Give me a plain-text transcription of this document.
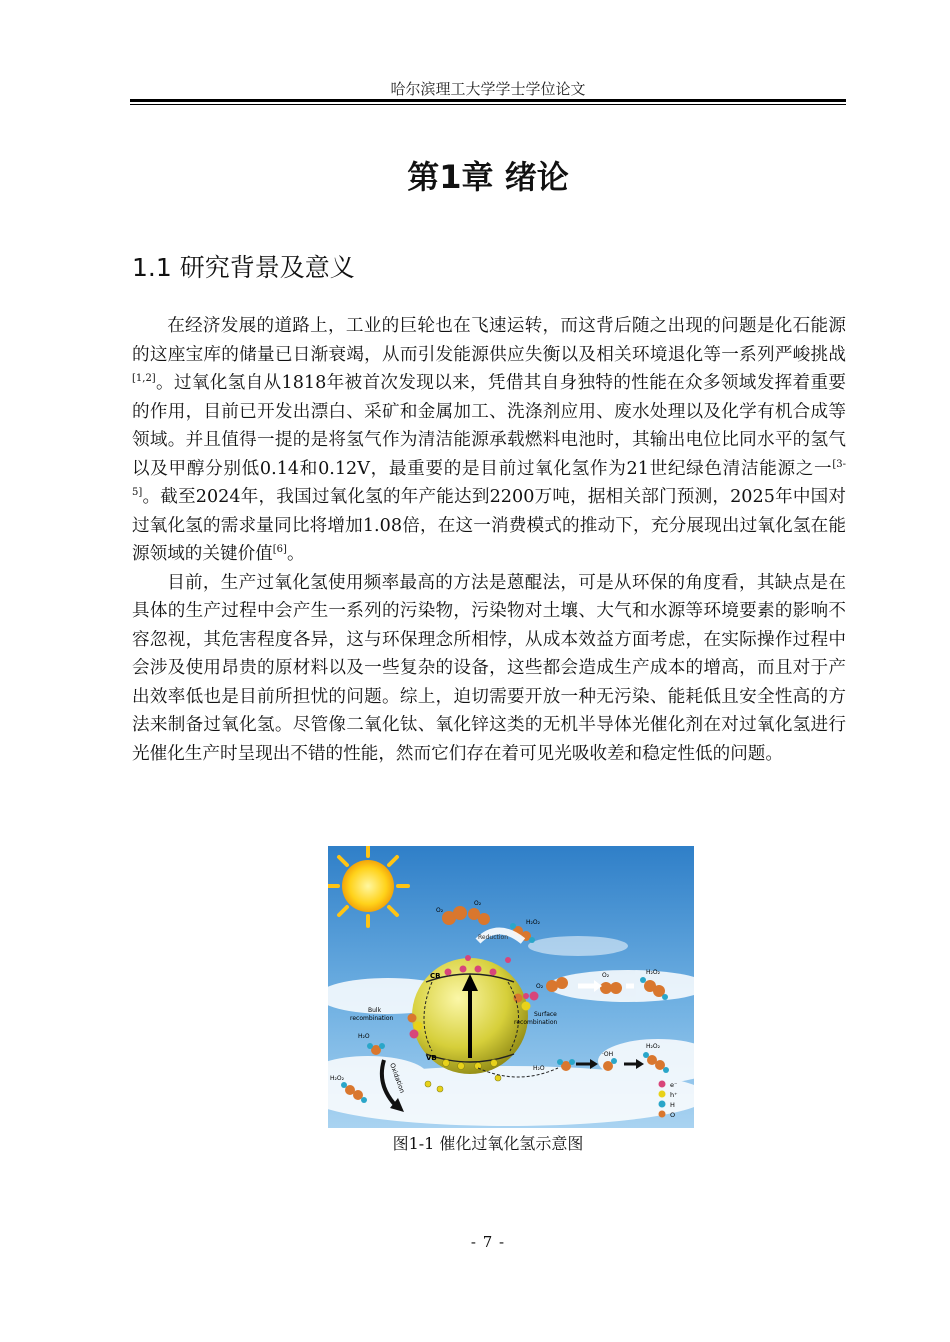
哈尔滨理工大学学士学位论文
第1章 绪论
1.1 研究背景及意义

在经济发展的道路上，工业的巨轮也在飞速运转，而这背后随之出现的问题是化石能源的这座宝库的储量已日渐衰竭，从而引发能源供应失衡以及相关环境退化等一系列严峻挑战[1,2]。过氧化氢自从1818年被首次发现以来，凭借其自身独特的性能在众多领域发挥着重要的作用，目前已开发出漂白、采矿和金属加工、洗涤剂应用、废水处理以及化学有机合成等领域。并且值得一提的是将氢气作为清洁能源承载燃料电池时，其输出电位比同水平的氢气以及甲醇分别低0.14和0.12V，最重要的是目前过氧化氢作为21世纪绿色清洁能源之一[3-5]。截至2024年，我国过氧化氢的年产能达到2200万吨，据相关部门预测，2025年中国对过氧化氢的需求量同比将增加1.08倍，在这一消费模式的推动下，充分展现出过氧化氢在能源领域的关键价值[6]。

目前，生产过氧化氢使用频率最高的方法是蒽醌法，可是从环保的角度看，其缺点是在具体的生产过程中会产生一系列的污染物，污染物对土壤、大气和水源等环境要素的影响不容忽视，其危害程度各异，这与环保理念所相悖，从成本效益方面考虑，在实际操作过程中会涉及使用昂贵的原材料以及一些复杂的设备，这些都会造成生产成本的增高，而且对于产出效率低也是目前所担忧的问题。综上，迫切需要开放一种无污染、能耗低且安全性高的方法来制备过氧化氢。尽管像二氧化钛、氧化锌这类的无机半导体光催化剂在对过氧化氢进行光催化生产时呈现出不错的性能，然而它们存在着可见光吸收差和稳定性低的问题。

O₂
O₂
H₂O₂
Reduction
O₂
O₂	H₂O₂
CB
VB
Bulk
recombination
Surface
recombination
H₂O
Oxidation
H₂O₂
H₂O
·OH
H₂O₂
e⁻
h⁺
H
O
图1-1 催化过氧化氢示意图
- 7 -
